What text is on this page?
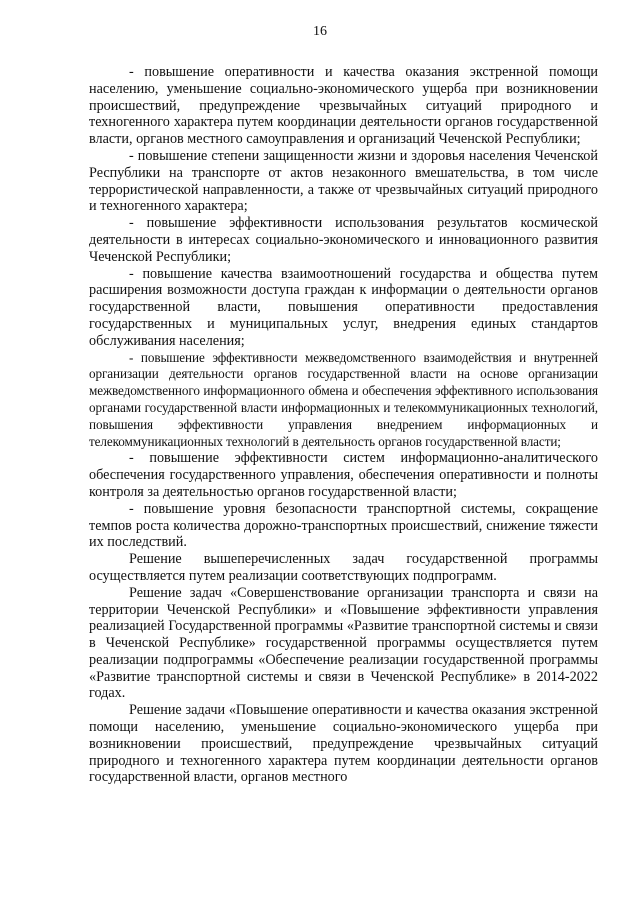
16

- повышение оперативности и качества оказания экстренной помощи населению, уменьшение социально-экономического ущерба при возникновении происшествий, предупреждение чрезвычайных ситуаций природного и техногенного характера путем координации деятельности органов государственной власти, органов местного самоуправления и организаций Чеченской Республики;

- повышение степени защищенности жизни и здоровья населения Чеченской Республики на транспорте от актов незаконного вмешательства, в том числе террористической направленности, а также от чрезвычайных ситуаций природного и техногенного характера;

- повышение эффективности использования результатов космической деятельности в интересах социально-экономического и инновационного развития Чеченской Республики;

- повышение качества взаимоотношений государства и общества путем расширения возможности доступа граждан к информации о деятельности органов государственной власти, повышения оперативности предоставления государственных и муниципальных услуг, внедрения единых стандартов обслуживания населения;

- повышение эффективности межведомственного взаимодействия и внутренней организации деятельности органов государственной власти на основе организации межведомственного информационного обмена и обеспечения эффективного использования органами государственной власти информационных и телекоммуникационных технологий, повышения эффективности управления внедрением информационных и телекоммуникационных технологий в деятельность органов государственной власти;

- повышение эффективности систем информационно-аналитического обеспечения государственного управления, обеспечения оперативности и полноты контроля за деятельностью органов государственной власти;

- повышение уровня безопасности транспортной системы, сокращение темпов роста количества дорожно-транспортных происшествий, снижение тяжести их последствий.

Решение вышеперечисленных задач государственной программы осуществляется путем реализации соответствующих подпрограмм.

Решение задач «Совершенствование организации транспорта и связи на территории Чеченской Республики» и «Повышение эффективности управления реализацией Государственной программы «Развитие транспортной системы и связи в Чеченской Республике» государственной программы осуществляется путем реализации подпрограммы «Обеспечение реализации государственной программы «Развитие транспортной системы и связи в Чеченской Республике» в 2014-2022 годах.

Решение задачи «Повышение оперативности и качества оказания экстренной помощи населению, уменьшение социально-экономического ущерба при возникновении происшествий, предупреждение чрезвычайных ситуаций природного и техногенного характера путем координации деятельности органов государственной власти, органов местного
